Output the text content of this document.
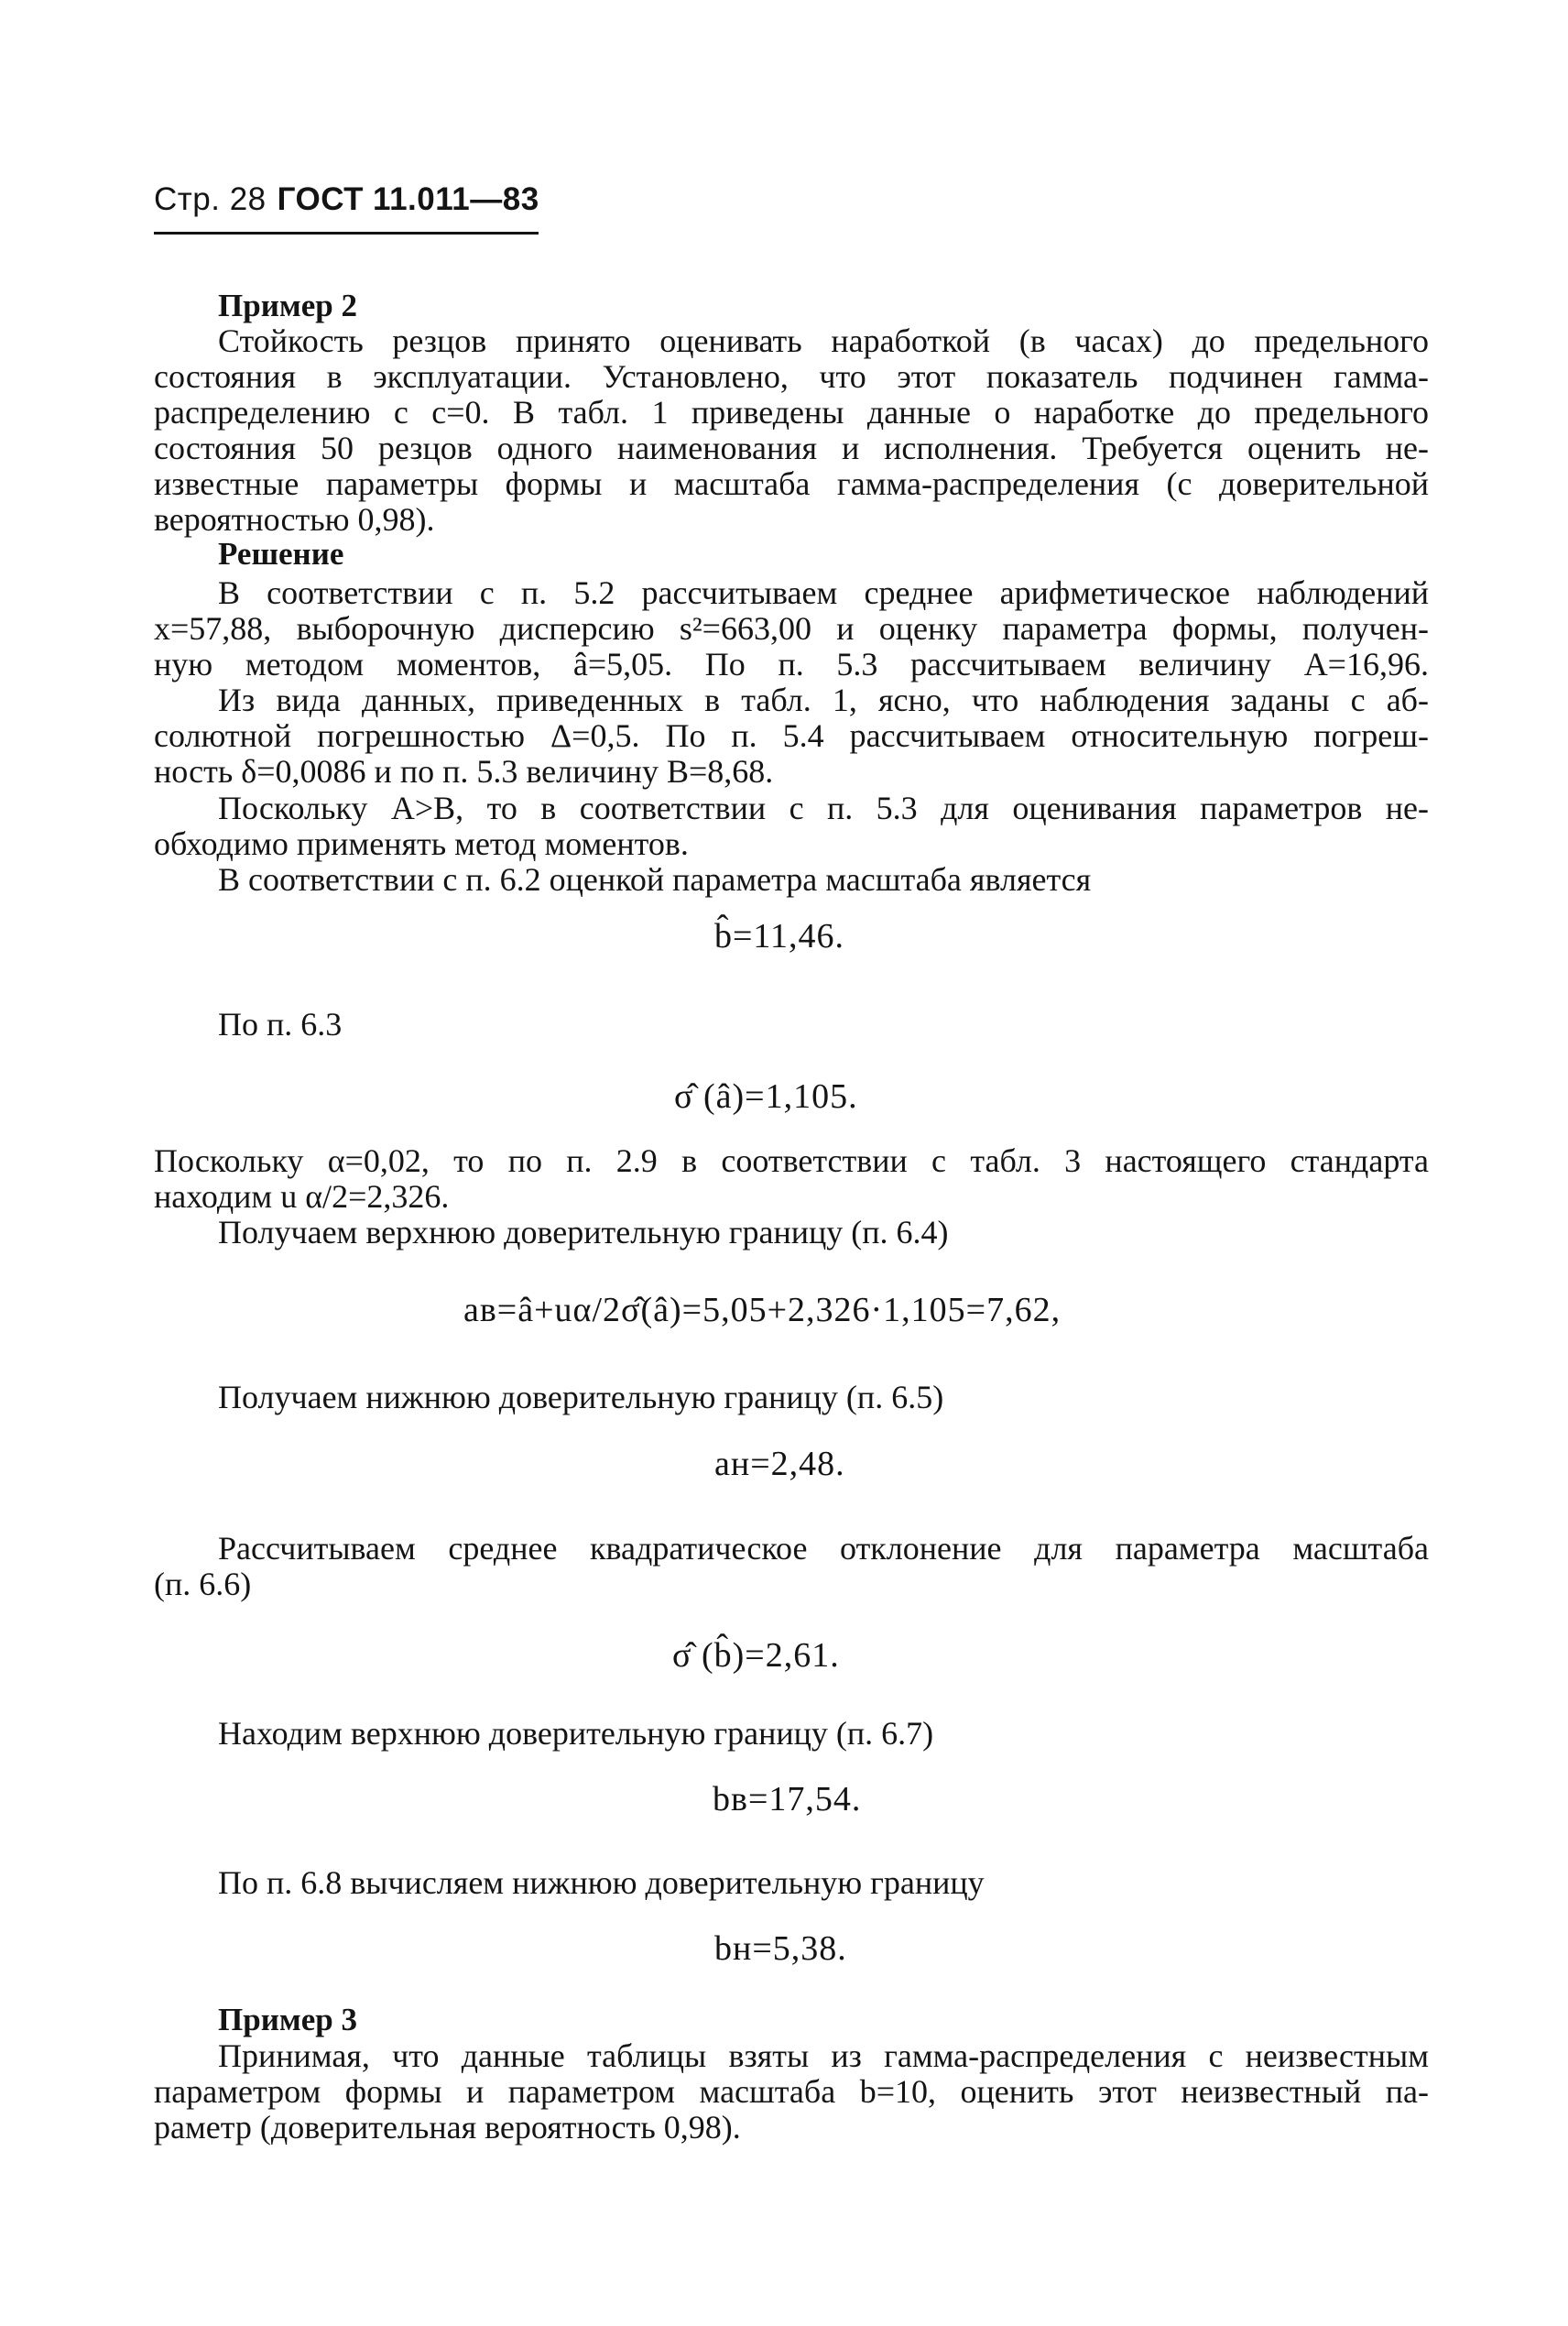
Стр. 28 ГОСТ 11.011—83
Пример 2
Стойкость резцов принято оценивать наработкой (в часах) до предельного
состояния в эксплуатации. Установлено, что этот показатель подчинен гамма-
распределению с c=0. В табл. 1 приведены данные о наработке до предельного
состояния 50 резцов одного наименования и исполнения. Требуется оценить не-
известные параметры формы и масштаба гамма-распределения (с доверительной
вероятностью 0,98).
Решение
В соответствии с п. 5.2 рассчитываем среднее арифметическое наблюдений
x=57,88, выборочную дисперсию s²=663,00 и оценку параметра формы, получен-
ную методом моментов, â=5,05. По п. 5.3 рассчитываем величину A=16,96.
Из вида данных, приведенных в табл. 1, ясно, что наблюдения заданы с аб-
солютной погрешностью Δ=0,5. По п. 5.4 рассчитываем относительную погреш-
ность δ=0,0086 и по п. 5.3 величину B=8,68.
Поскольку A>B, то в соответствии с п. 5.3 для оценивания параметров не-
обходимо применять метод моментов.
В соответствии с п. 6.2 оценкой параметра масштаба является
b̂=11,46.
По п. 6.3
σ̂ (â)=1,105.
Поскольку α=0,02, то по п. 2.9 в соответствии с табл. 3 настоящего стандарта
находим u α/2=2,326.
Получаем верхнюю доверительную границу (п. 6.4)
aв=â+uα/2σ̂(â)=5,05+2,326·1,105=7,62,
Получаем нижнюю доверительную границу (п. 6.5)
aн=2,48.
Рассчитываем среднее квадратическое отклонение для параметра масштаба
(п. 6.6)
σ̂ (b̂)=2,61.
Находим верхнюю доверительную границу (п. 6.7)
bв=17,54.
По п. 6.8 вычисляем нижнюю доверительную границу
bн=5,38.
Пример 3
Принимая, что данные таблицы взяты из гамма-распределения с неизвестным
параметром формы и параметром масштаба b=10, оценить этот неизвестный па-
раметр (доверительная вероятность 0,98).
